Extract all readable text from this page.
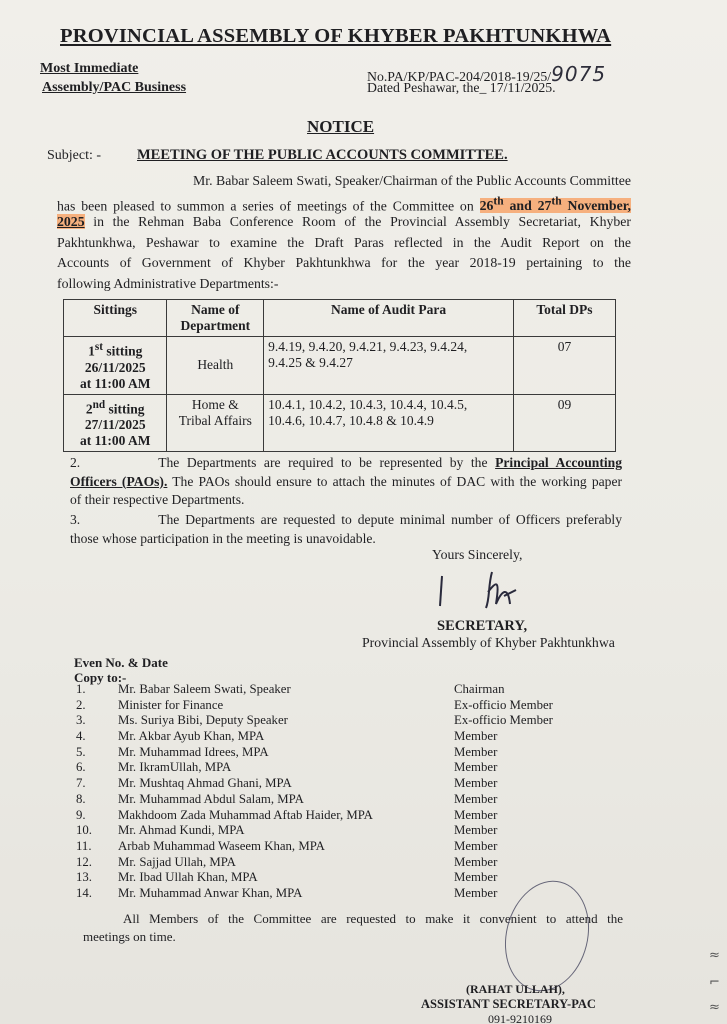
PROVINCIAL ASSEMBLY OF KHYBER PAKHTUNKHWA
Most Immediate
Assembly/PAC Business
No.PA/KP/PAC-204/2018-19/25/9075
Dated Peshawar, the_ 17/11/2025.
NOTICE
Subject: - MEETING OF THE PUBLIC ACCOUNTS COMMITTEE.
Mr. Babar Saleem Swati, Speaker/Chairman of the Public Accounts Committee
has been pleased to summon a series of meetings of the Committee on 26th and 27th November,
2025 in the Rehman Baba Conference Room of the Provincial Assembly Secretariat, Khyber
Pakhtunkhwa, Peshawar to examine the Draft Paras reflected in the Audit Report on the
Accounts of Government of Khyber Pakhtunkhwa for the year 2018-19 pertaining to the
following Administrative Departments:-
Sittings	Name of Department	Name of Audit Para	Total DPs
1st sitting
26/11/2025
at 11:00 AM	Health	9.4.19, 9.4.20, 9.4.21, 9.4.23, 9.4.24,
9.4.25 & 9.4.27	07
2nd sitting
27/11/2025
at 11:00 AM	Home &
Tribal Affairs	10.4.1, 10.4.2, 10.4.3, 10.4.4, 10.4.5,
10.4.6, 10.4.7, 10.4.8 & 10.4.9	09
2.	The Departments are required to be represented by the Principal Accounting
Officers (PAOs). The PAOs should ensure to attach the minutes of DAC with the working paper
of their respective Departments.
3.	The Departments are requested to depute minimal number of Officers preferably
those whose participation in the meeting is unavoidable.
Yours Sincerely,
l Wk
SECRETARY,
Provincial Assembly of Khyber Pakhtunkhwa
Even No. & Date
Copy to:-
1.	Mr. Babar Saleem Swati, Speaker	Chairman
2.	Minister for Finance	Ex-officio Member
3.	Ms. Suriya Bibi, Deputy Speaker	Ex-officio Member
4.	Mr. Akbar Ayub Khan, MPA	Member
5.	Mr. Muhammad Idrees, MPA	Member
6.	Mr. IkramUllah, MPA	Member
7.	Mr. Mushtaq Ahmad Ghani, MPA	Member
8.	Mr. Muhammad Abdul Salam, MPA	Member
9.	Makhdoom Zada Muhammad Aftab Haider, MPA	Member
10.	Mr. Ahmad Kundi, MPA	Member
11.	Arbab Muhammad Waseem Khan, MPA	Member
12.	Mr. Sajjad Ullah, MPA	Member
13.	Mr. Ibad Ullah Khan, MPA	Member
14.	Mr. Muhammad Anwar Khan, MPA	Member
All Members of the Committee are requested to make it convenient to attend the
meetings on time.
(RAHAT ULLAH),
ASSISTANT SECRETARY-PAC
091-9210169
≈
⌐
≈
